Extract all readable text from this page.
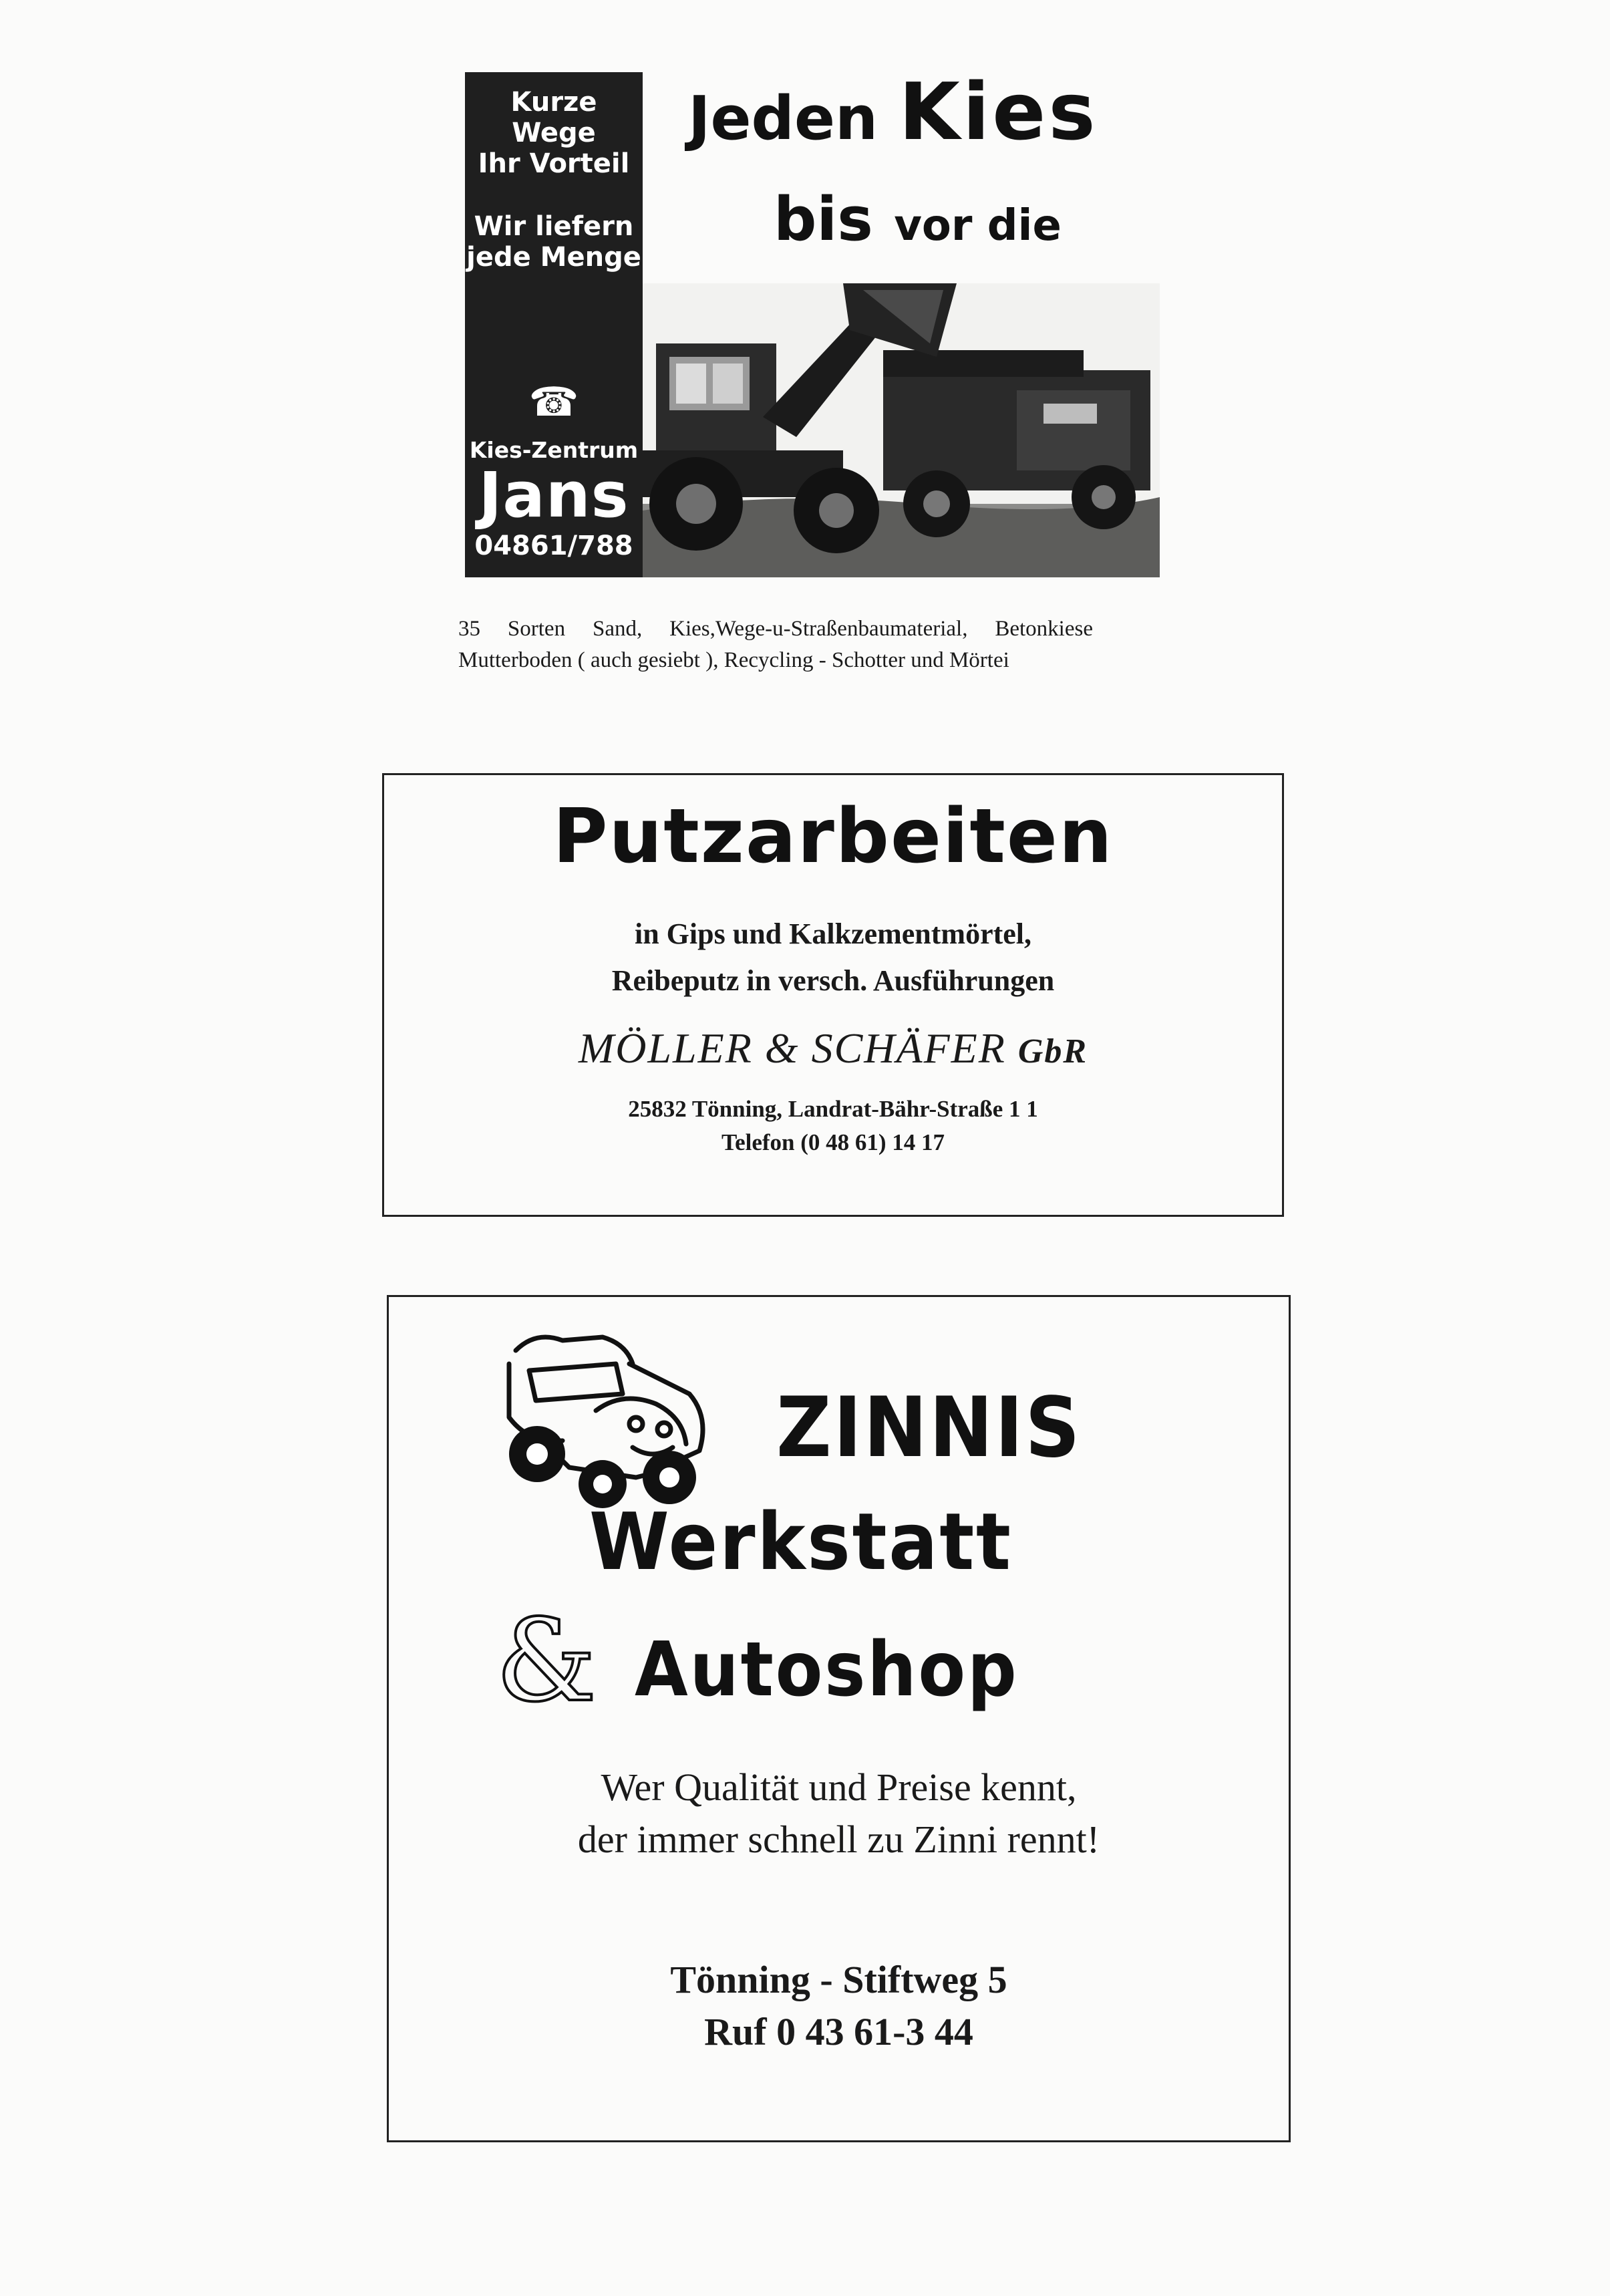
Kurze Wege
Ihr Vorteil
Wir liefern
jede Menge
☎
Kies-Zentrum
Jans
04861/788
Jeden Kies
bis vor die
35 Sorten Sand, Kies,Wege-u-Straßenbaumaterial, Betonkiese
Mutterboden ( auch gesiebt ), Recycling - Schotter und Mörtei
Putzarbeiten
in Gips und Kalkzementmörtel,
Reibeputz in versch. Ausführungen
MÖLLER & SCHÄFER GbR
25832 Tönning, Landrat-Bähr-Straße 1 1
Telefon (0 48 61) 14 17
ZINNIS
Werkstatt
& Autoshop
Wer Qualität und Preise kennt,
der immer schnell zu Zinni rennt!
Tönning - Stiftweg 5
Ruf 0 43 61-3 44
